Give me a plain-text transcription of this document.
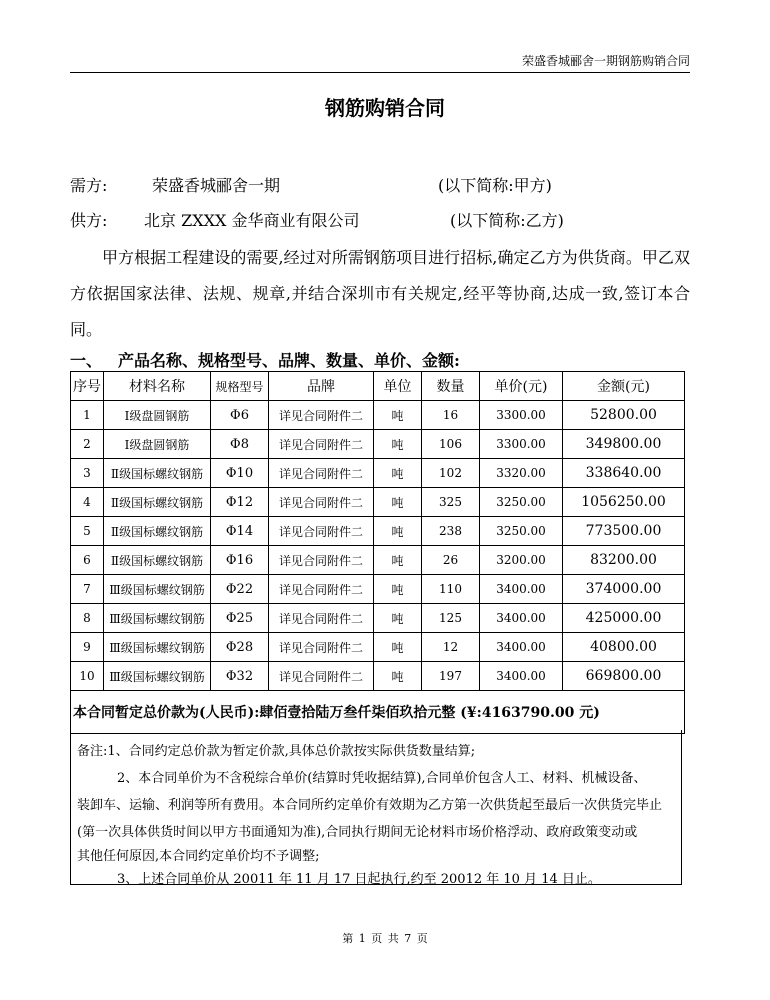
荣盛香城郦舍一期钢筋购销合同
钢筋购销合同
需方:	荣盛香城郦舍一期	(以下简称:甲方)
供方: 北京 ZXXX 金华商业有限公司	(以下简称:乙方)
甲方根据工程建设的需要,经过对所需钢筋项目进行招标,确定乙方为供货商。甲乙双方依据国家法律、法规、规章,并结合深圳市有关规定,经平等协商,达成一致,签订本合同。
一、 产品名称、规格型号、品牌、数量、单价、金额:
序号	材料名称	规格型号	品牌	单位	数量	单价(元)	金额(元)
1	Ⅰ级盘圆钢筋	Φ6	详见合同附件二	吨	16	3300.00	52800.00
2	Ⅰ级盘圆钢筋	Φ8	详见合同附件二	吨	106	3300.00	349800.00
3	Ⅱ级国标螺纹钢筋	Φ10	详见合同附件二	吨	102	3320.00	338640.00
4	Ⅱ级国标螺纹钢筋	Φ12	详见合同附件二	吨	325	3250.00	1056250.00
5	Ⅱ级国标螺纹钢筋	Φ14	详见合同附件二	吨	238	3250.00	773500.00
6	Ⅱ级国标螺纹钢筋	Φ16	详见合同附件二	吨	26	3200.00	83200.00
7	Ⅲ级国标螺纹钢筋	Φ22	详见合同附件二	吨	110	3400.00	374000.00
8	Ⅲ级国标螺纹钢筋	Φ25	详见合同附件二	吨	125	3400.00	425000.00
9	Ⅲ级国标螺纹钢筋	Φ28	详见合同附件二	吨	12	3400.00	40800.00
10	Ⅲ级国标螺纹钢筋	Φ32	详见合同附件二	吨	197	3400.00	669800.00
本合同暂定总价款为(人民币):肆佰壹拾陆万叁仟柒佰玖拾元整 (¥:4163790.00 元)							

备注:1、合同约定总价款为暂定价款,具体总价款按实际供货数量结算;

2、本合同单价为不含税综合单价(结算时凭收据结算),合同单价包含人工、材料、机械设备、

装卸车、运输、利润等所有费用。本合同所约定单价有效期为乙方第一次供货起至最后一次供货完毕止

(第一次具体供货时间以甲方书面通知为准),合同执行期间无论材料市场价格浮动、政府政策变动或

其他任何原因,本合同约定单价均不予调整;

3、上述合同单价从 20011 年 11 月 17 日起执行,约至 20012 年 10 月 14 日止。

第 1 页 共 7 页
